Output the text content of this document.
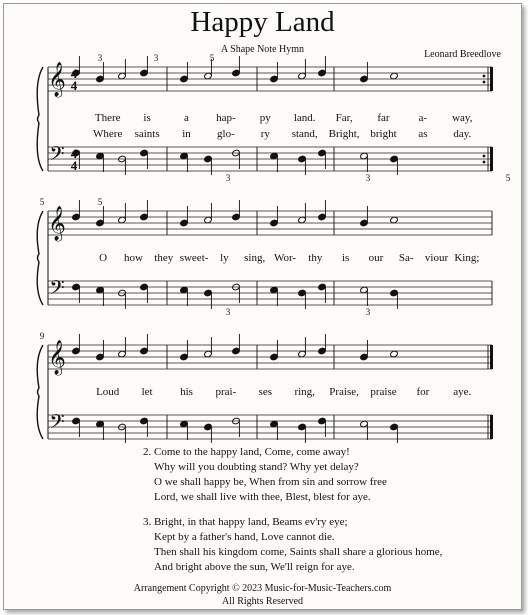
𝄞
𝄢
4
4
4
4
There is	a hap- py land. Far, far	a- way,
Where saints in glo- ry stand, Bright, bright as day.
3	3	5
3	3	5
𝄞
𝄢
5
O how they sweet- ly sing, Wor- thy is our Sa- viour King;
5
3	3
𝄞
𝄢
9
Loud let his prai- ses ring, Praise, praise for aye.
Happy Land
A Shape Note Hymn	Leonard Breedlove
2. Come to the happy land, Come, come away!
Why will you doubting stand? Why yet delay?
O we shall happy be, When from sin and sorrow free
Lord, we shall live with thee, Blest, blest for aye.
3. Bright, in that happy land, Beams ev'ry eye;
Kept by a father's hand, Love cannot die.
Then shall his kingdom come, Saints shall share a glorious home,
And bright above the sun, We'll reign for aye.
Arrangement Copyright © 2023 Music-for-Music-Teachers.com
All Rights Reserved
